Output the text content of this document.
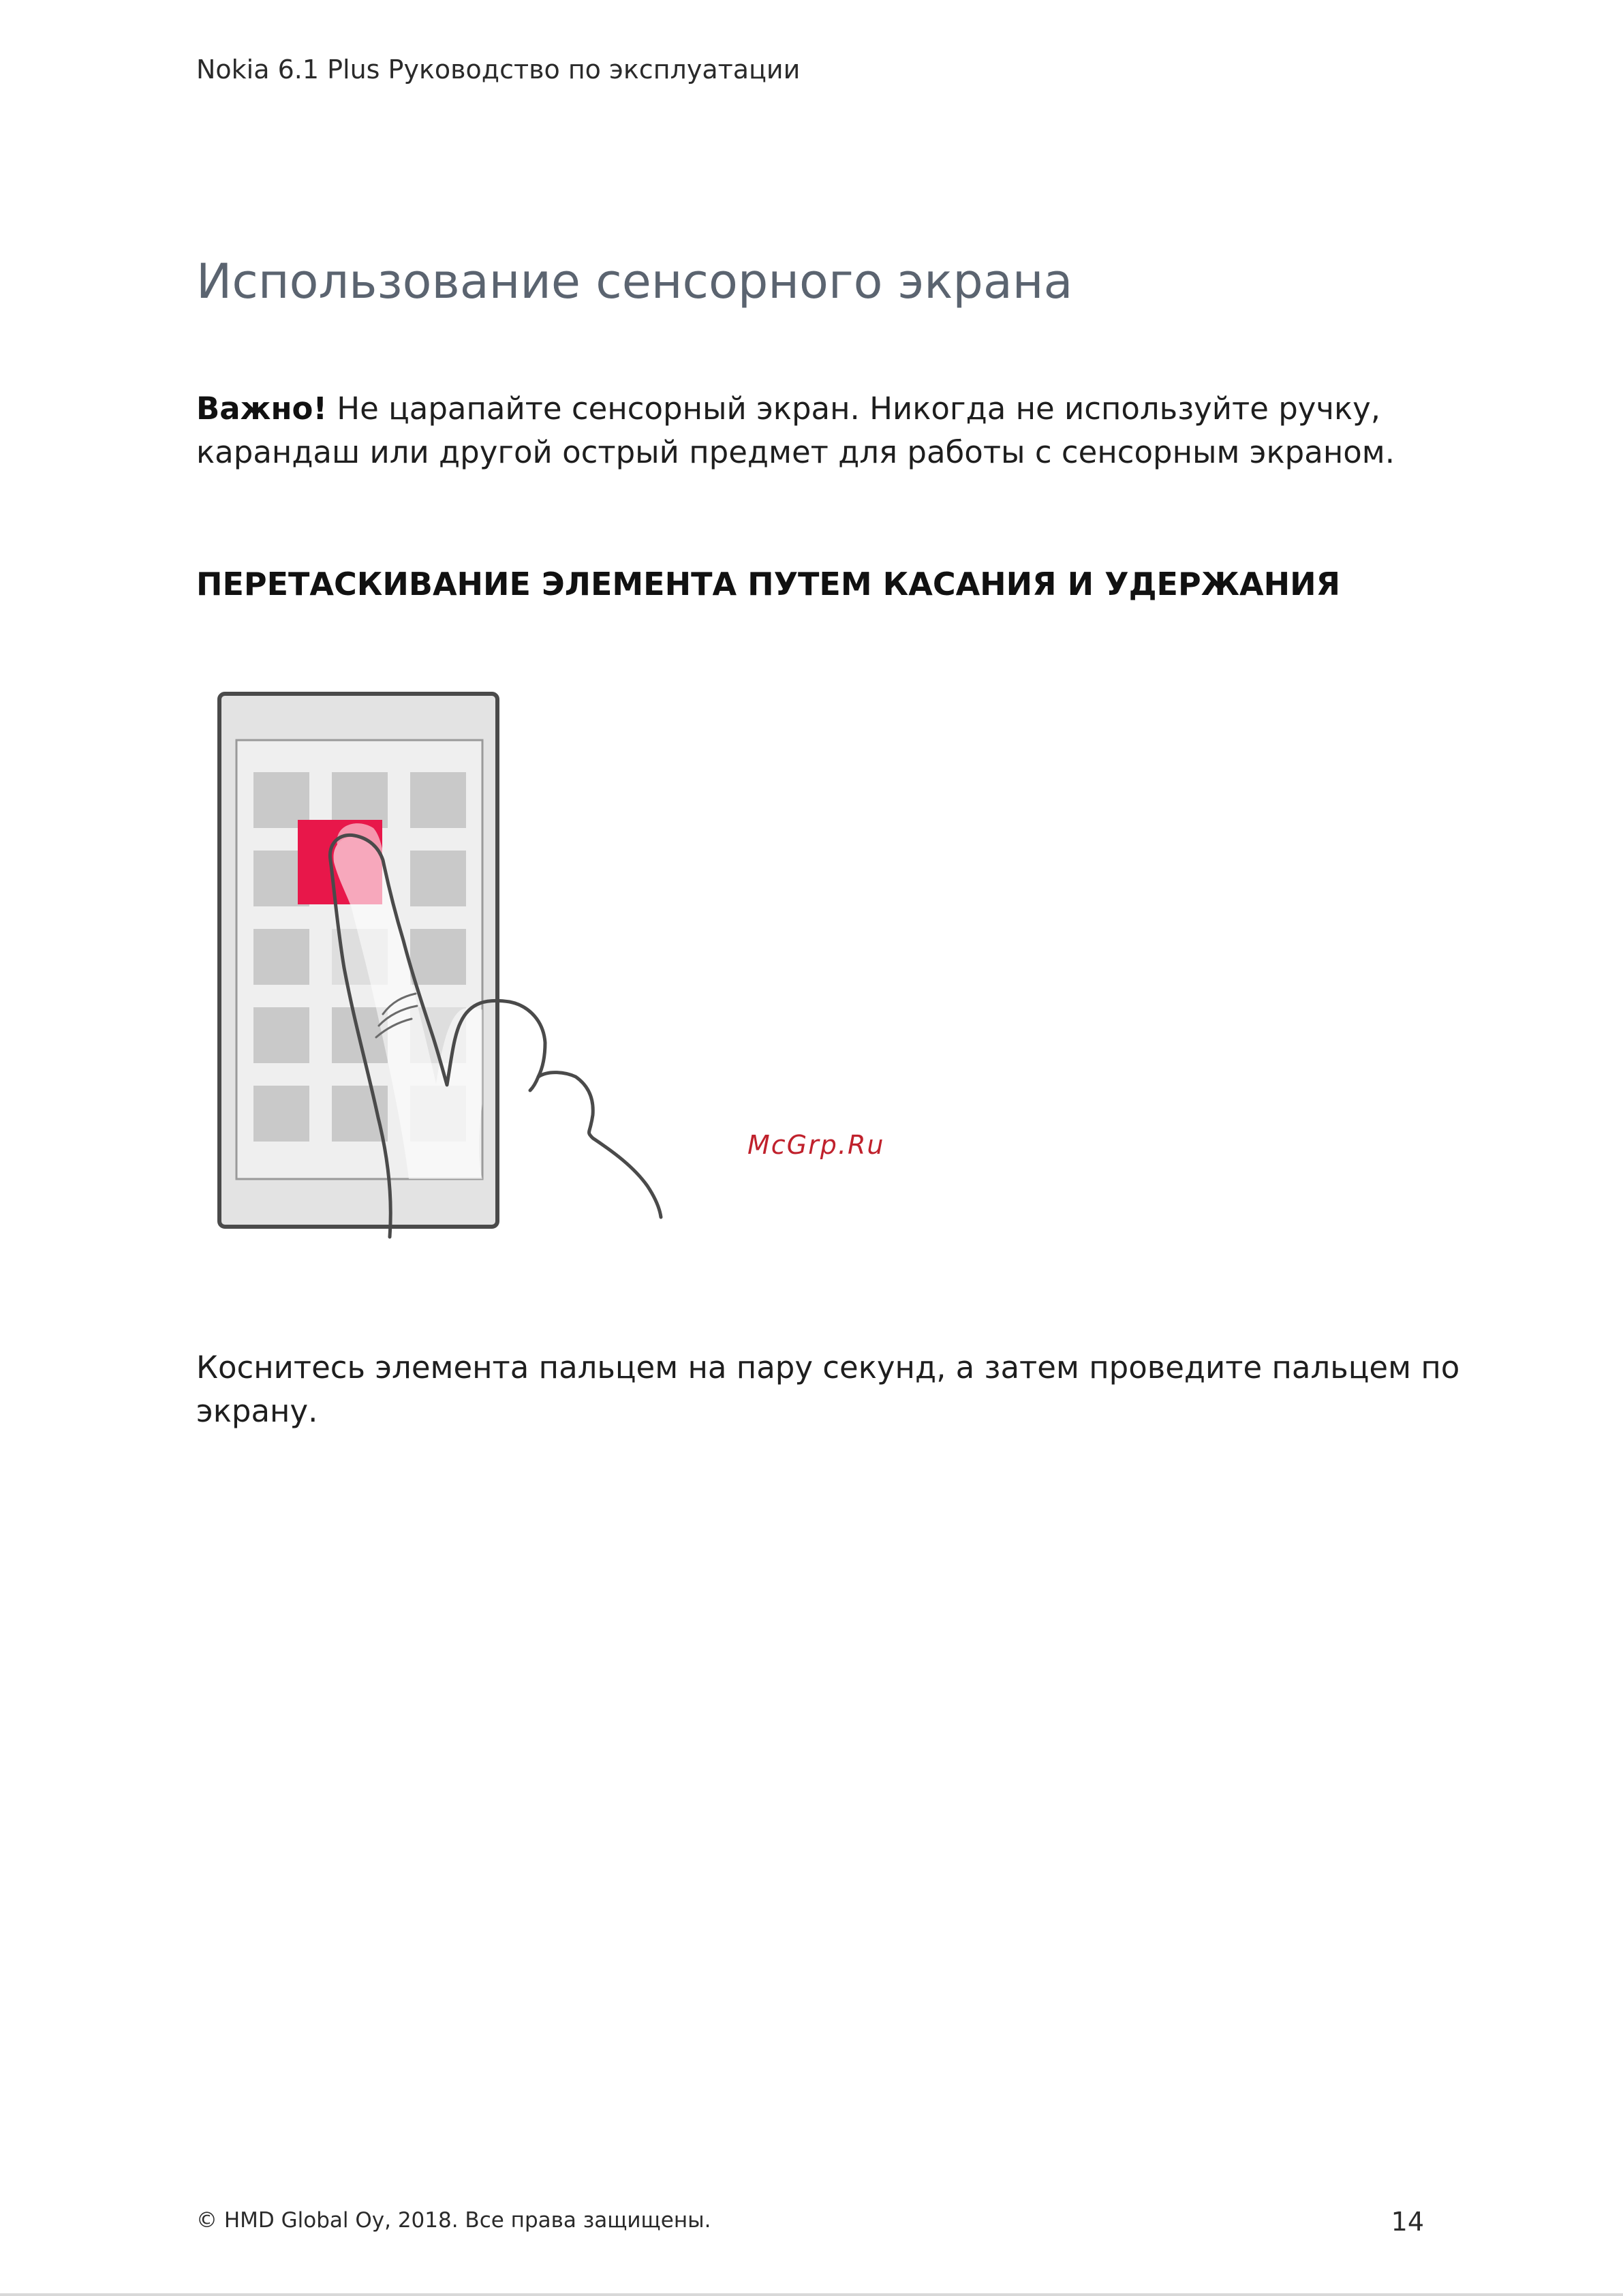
Nokia 6.1 Plus Руководство по эксплуатации
Использование сенсорного экрана

Важно! Не царапайте сенсорный экран. Никогда не используйте ручку, карандаш или другой острый предмет для работы с сенсорным экраном.

ПЕРЕТАСКИВАНИЕ ЭЛЕМЕНТА ПУТЕМ КАСАНИЯ И УДЕРЖАНИЯ
McGrp.Ru

Коснитесь элемента пальцем на пару секунд, а затем проведите пальцем по экрану.

© HMD Global Oy, 2018. Все права защищены.	14
